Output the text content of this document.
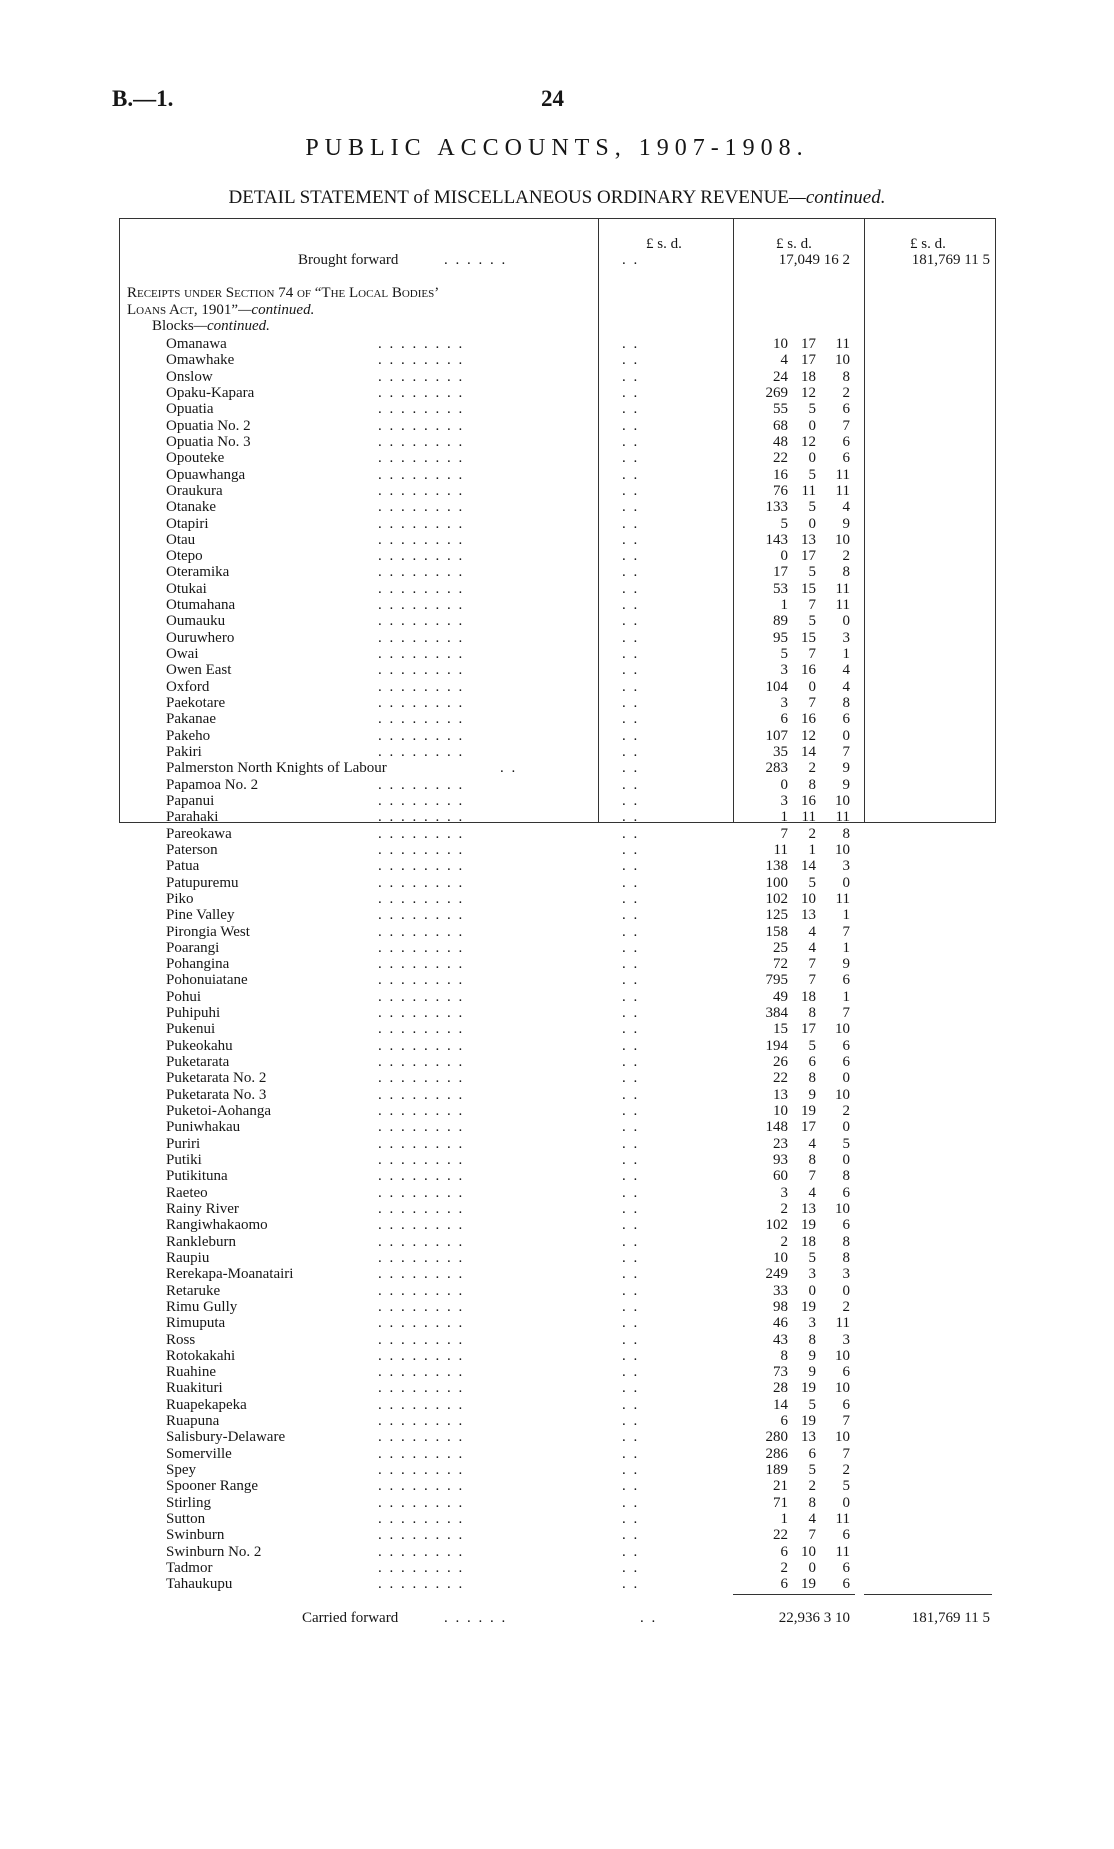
B.—1.	24
PUBLIC ACCOUNTS, 1907-1908.
DETAIL STATEMENT of MISCELLANEOUS ORDINARY REVENUE—continued.
£ s. d.	£ s. d.	£ s. d.
Brought forward	. . . . . .	. .	17,049 16 2	181,769 11 5
Receipts under Section 74 of “The Local Bodies’
Loans Act, 1901”—continued.
Blocks—continued.
Omanawa	. . . . . . . .	. .	10 17 11
Omawhake	. . . . . . . .	. .	4 17 10
Onslow	. . . . . . . .	. .	24 18 8
Opaku-Kapara	. . . . . . . .	. .	269 12 2
Opuatia	. . . . . . . .	. .	55 5 6
Opuatia No. 2	. . . . . . . .	. .	68 0 7
Opuatia No. 3	. . . . . . . .	. .	48 12 6
Opouteke	. . . . . . . .	. .	22 0 6
Opuawhanga	. . . . . . . .	. .	16 5 11
Oraukura	. . . . . . . .	. .	76 11 11
Otanake	. . . . . . . .	. .	133 5 4
Otapiri	. . . . . . . .	. .	5 0 9
Otau	. . . . . . . .	. .	143 13 10
Otepo	. . . . . . . .	. .	0 17 2
Oteramika	. . . . . . . .	. .	17 5 8
Otukai	. . . . . . . .	. .	53 15 11
Otumahana	. . . . . . . .	. .	1 7 11
Oumauku	. . . . . . . .	. .	89 5 0
Ouruwhero	. . . . . . . .	. .	95 15 3
Owai	. . . . . . . .	. .	5 7 1
Owen East	. . . . . . . .	. .	3 16 4
Oxford	. . . . . . . .	. .	104 0 4
Paekotare	. . . . . . . .	. .	3 7 8
Pakanae	. . . . . . . .	. .	6 16 6
Pakeho	. . . . . . . .	. .	107 12 0
Pakiri	. . . . . . . .	. .	35 14 7
Palmerston North Knights of Labour	. .	. .	283 2 9
Papamoa No. 2	. . . . . . . .	. .	0 8 9
Papanui	. . . . . . . .	. .	3 16 10
Parahaki	. . . . . . . .	. .	1 11 11
Pareokawa	. . . . . . . .	. .	7 2 8
Paterson	. . . . . . . .	. .	11 1 10
Patua	. . . . . . . .	. .	138 14 3
Patupuremu	. . . . . . . .	. .	100 5 0
Piko	. . . . . . . .	. .	102 10 11
Pine Valley	. . . . . . . .	. .	125 13 1
Pirongia West	. . . . . . . .	. .	158 4 7
Poarangi	. . . . . . . .	. .	25 4 1
Pohangina	. . . . . . . .	. .	72 7 9
Pohonuiatane	. . . . . . . .	. .	795 7 6
Pohui	. . . . . . . .	. .	49 18 1
Puhipuhi	. . . . . . . .	. .	384 8 7
Pukenui	. . . . . . . .	. .	15 17 10
Pukeokahu	. . . . . . . .	. .	194 5 6
Puketarata	. . . . . . . .	. .	26 6 6
Puketarata No. 2	. . . . . . . .	. .	22 8 0
Puketarata No. 3	. . . . . . . .	. .	13 9 10
Puketoi-Aohanga	. . . . . . . .	. .	10 19 2
Puniwhakau	. . . . . . . .	. .	148 17 0
Puriri	. . . . . . . .	. .	23 4 5
Putiki	. . . . . . . .	. .	93 8 0
Putikituna	. . . . . . . .	. .	60 7 8
Raeteo	. . . . . . . .	. .	3 4 6
Rainy River	. . . . . . . .	. .	2 13 10
Rangiwhakaomo	. . . . . . . .	. .	102 19 6
Rankleburn	. . . . . . . .	. .	2 18 8
Raupiu	. . . . . . . .	. .	10 5 8
Rerekapa-Moanatairi	. . . . . . . .	. .	249 3 3
Retaruke	. . . . . . . .	. .	33 0 0
Rimu Gully	. . . . . . . .	. .	98 19 2
Rimuputa	. . . . . . . .	. .	46 3 11
Ross	. . . . . . . .	. .	43 8 3
Rotokakahi	. . . . . . . .	. .	8 9 10
Ruahine	. . . . . . . .	. .	73 9 6
Ruakituri	. . . . . . . .	. .	28 19 10
Ruapekapeka	. . . . . . . .	. .	14 5 6
Ruapuna	. . . . . . . .	. .	6 19 7
Salisbury-Delaware	. . . . . . . .	. .	280 13 10
Somerville	. . . . . . . .	. .	286 6 7
Spey	. . . . . . . .	. .	189 5 2
Spooner Range	. . . . . . . .	. .	21 2 5
Stirling	. . . . . . . .	. .	71 8 0
Sutton	. . . . . . . .	. .	1 4 11
Swinburn	. . . . . . . .	. .	22 7 6
Swinburn No. 2	. . . . . . . .	. .	6 10 11
Tadmor	. . . . . . . .	. .	2 0 6
Tahaukupu	. . . . . . . .	. .	6 19 6
Carried forward	. . . . . .	. .	22,936 3 10	181,769 11 5
